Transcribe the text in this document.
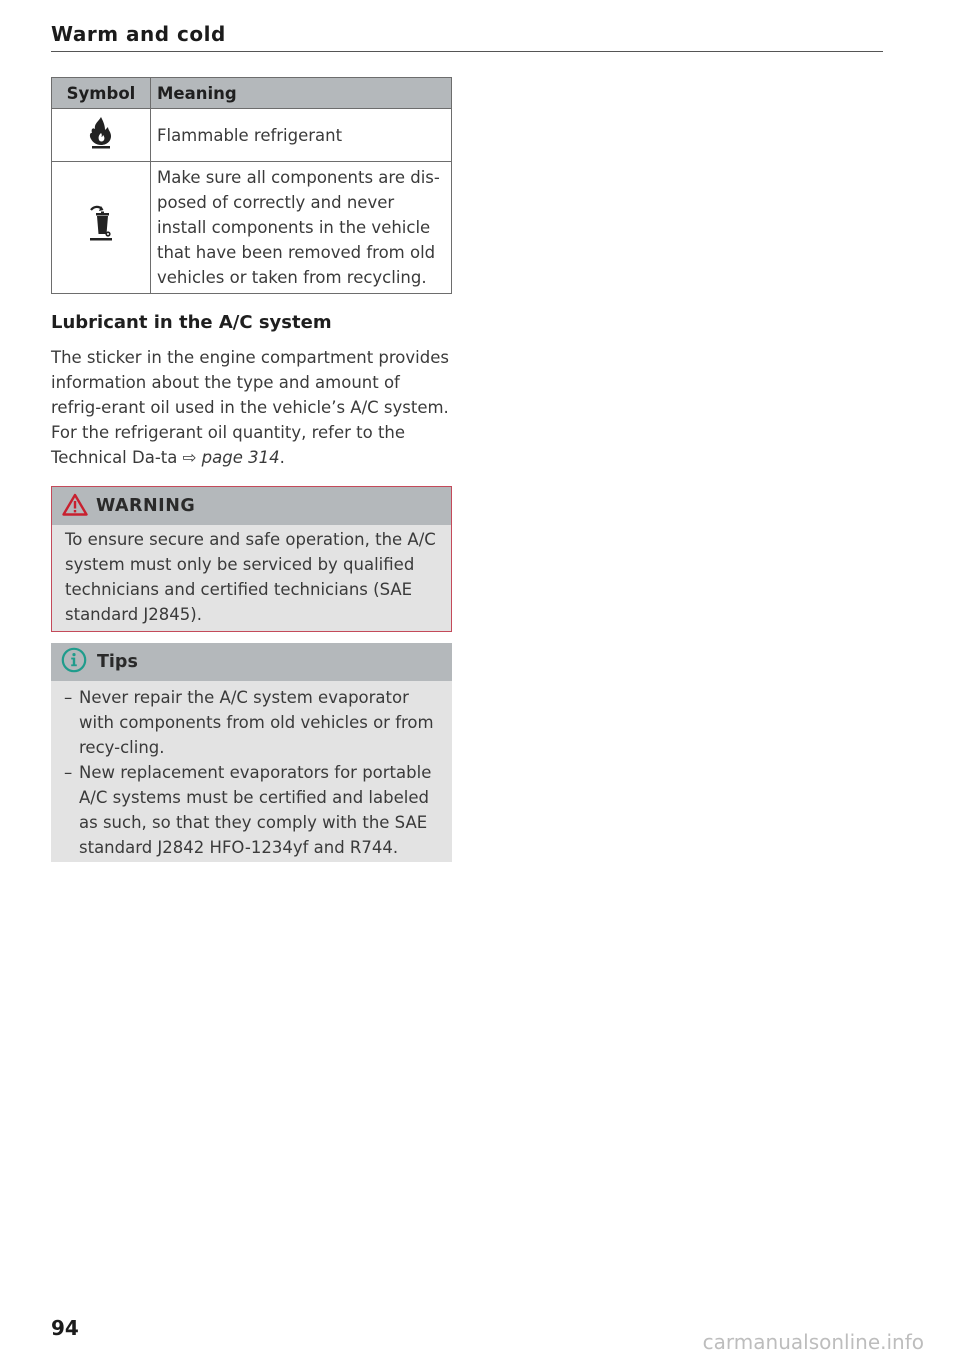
Warm and cold
Symbol	Meaning
	Flammable refrigerant
	Make sure all components are dis-posed of correctly and never install components in the vehicle that have been removed from old vehicles or taken from recycling.
Lubricant in the A/C system
The sticker in the engine compartment provides information about the type and amount of refrig-erant oil used in the vehicle’s A/C system. For the refrigerant oil quantity, refer to the Technical Da-ta ⇨ page 314.
WARNING
To ensure secure and safe operation, the A/C system must only be serviced by qualified technicians and certified technicians (SAE standard J2845).
Tips
– Never repair the A/C system evaporator with components from old vehicles or from recy-cling.
– New replacement evaporators for portable A/C systems must be certified and labeled as such, so that they comply with the SAE standard J2842 HFO-1234yf and R744.
94
carmanualsonline.info
